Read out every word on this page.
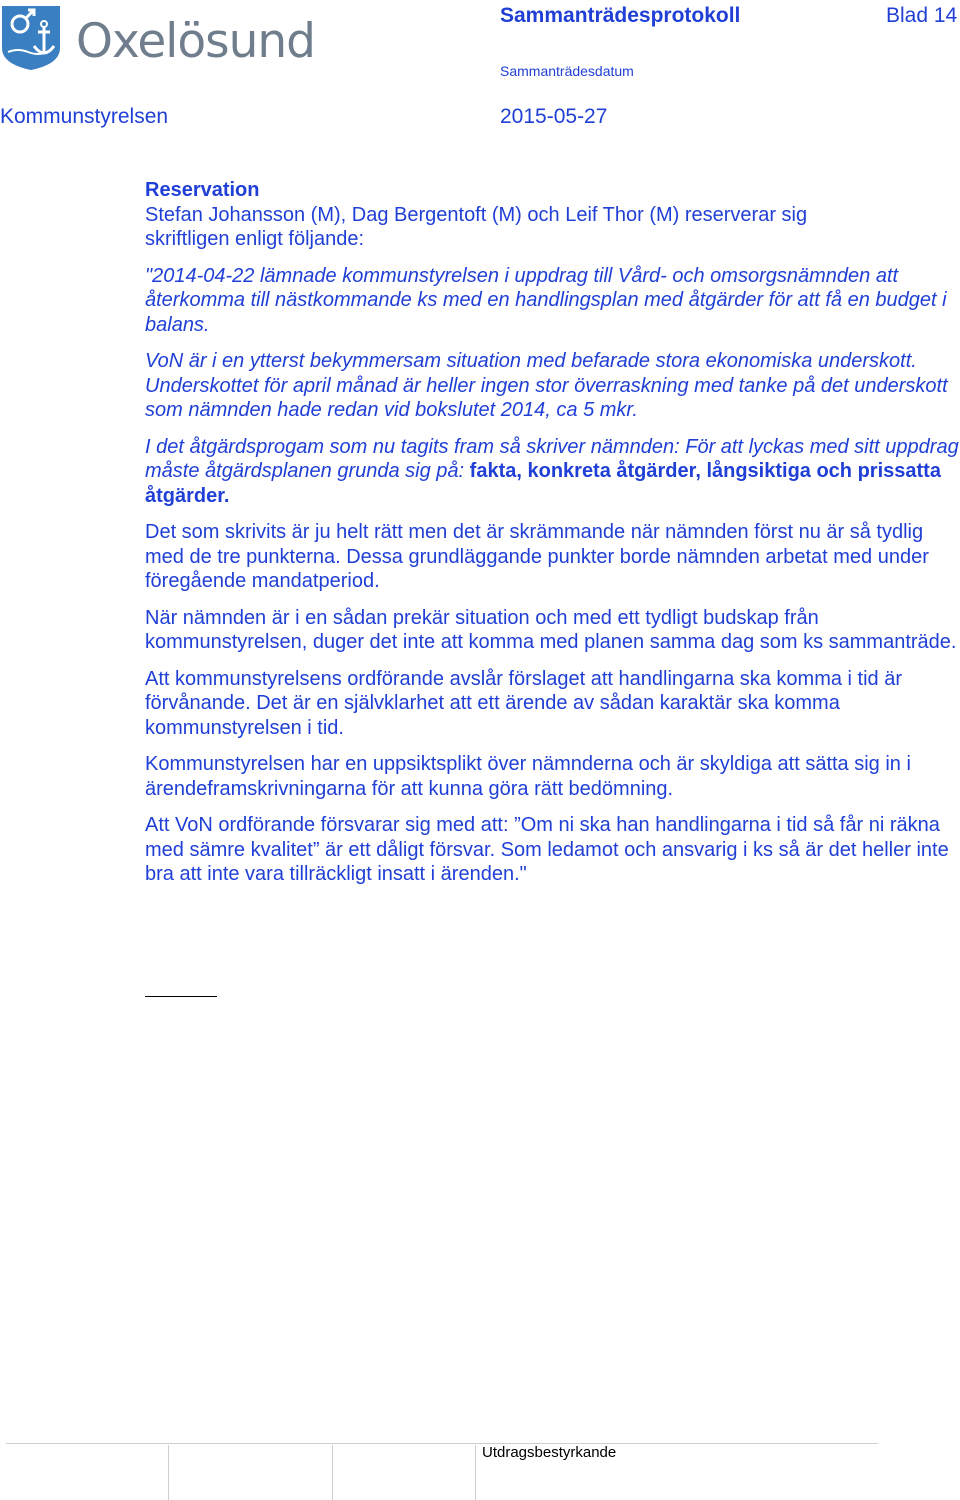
Oxelösund	Sammanträdesprotokoll	Blad 14
Sammanträdesdatum
Kommunstyrelsen	2015-05-27

Reservation

Stefan Johansson (M), Dag Bergentoft (M) och Leif Thor (M) reserverar sig

skriftligen enligt följande:

"2014-04-22 lämnade kommunstyrelsen i uppdrag till Vård- och omsorgsnämnden att återkomma till nästkommande ks med en handlingsplan med åtgärder för att få en budget i balans.

VoN är i en ytterst bekymmersam situation med befarade stora ekonomiska underskott. Underskottet för april månad är heller ingen stor överraskning med tanke på det underskott som nämnden hade redan vid bokslutet 2014, ca 5 mkr.

I det åtgärdsprogam som nu tagits fram så skriver nämnden: För att lyckas med sitt uppdrag måste åtgärdsplanen grunda sig på: fakta, konkreta åtgärder, långsiktiga och prissatta åtgärder.

Det som skrivits är ju helt rätt men det är skrämmande när nämnden först nu är så tydlig med de tre punkterna. Dessa grundläggande punkter borde nämnden arbetat med under föregående mandatperiod.

När nämnden är i en sådan prekär situation och med ett tydligt budskap från kommunstyrelsen, duger det inte att komma med planen samma dag som ks sammanträde.

Att kommunstyrelsens ordförande avslår förslaget att handlingarna ska komma i tid är förvånande. Det är en självklarhet att ett ärende av sådan karaktär ska komma kommunstyrelsen i tid.

Kommunstyrelsen har en uppsiktsplikt över nämnderna och är skyldiga att sätta sig in i ärendeframskrivningarna för att kunna göra rätt bedömning.

Att VoN ordförande försvarar sig med att: ”Om ni ska han handlingarna i tid så får ni räkna med sämre kvalitet” är ett dåligt försvar. Som ledamot och ansvarig i ks så är det heller inte bra att inte vara tillräckligt insatt i ärenden."

Utdragsbestyrkande
